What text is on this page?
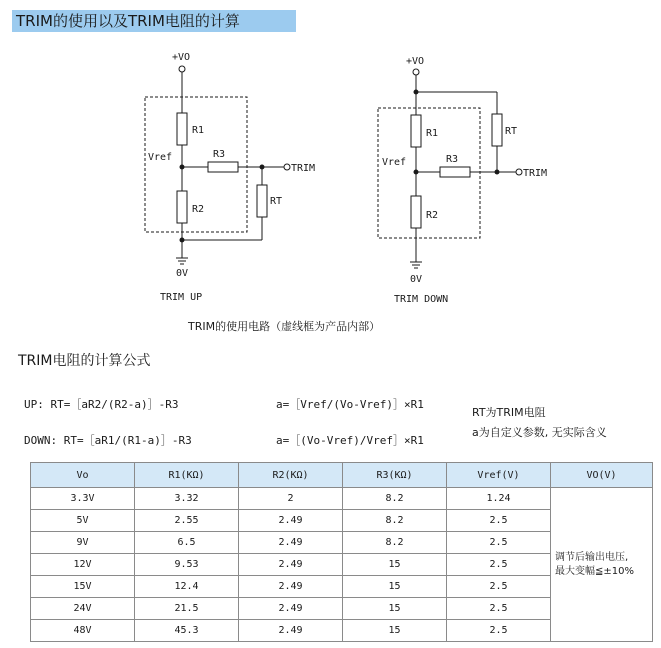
TRIM的使用以及TRIM电阻的计算
+VO
R1
R2
R3
RT
Vref
TRIM
0V
TRIM UP
+VO
R1
R2
R3
RT
Vref
TRIM
0V
TRIM DOWN
TRIM的使用电路（虚线框为产品内部）
TRIM电阻的计算公式
UP: RT=［aR2/(R2-a)］-R3	a=［Vref/(Vo-Vref)］×R1
DOWN: RT=［aR1/(R1-a)］-R3	a=［(Vo-Vref)/Vref］×R1
RT为TRIM电阻
a为自定义参数, 无实际含义
Vo	R1(KΩ)	R2(KΩ)	R3(KΩ)	Vref(V)	VO(V)
3.3V	3.32	2	8.2	1.24	调节后输出电压,
最大变幅≦±10%
5V	2.55	2.49	8.2	2.5	
9V	6.5	2.49	8.2	2.5	
12V	9.53	2.49	15	2.5	
15V	12.4	2.49	15	2.5	
24V	21.5	2.49	15	2.5	
48V	45.3	2.49	15	2.5	
